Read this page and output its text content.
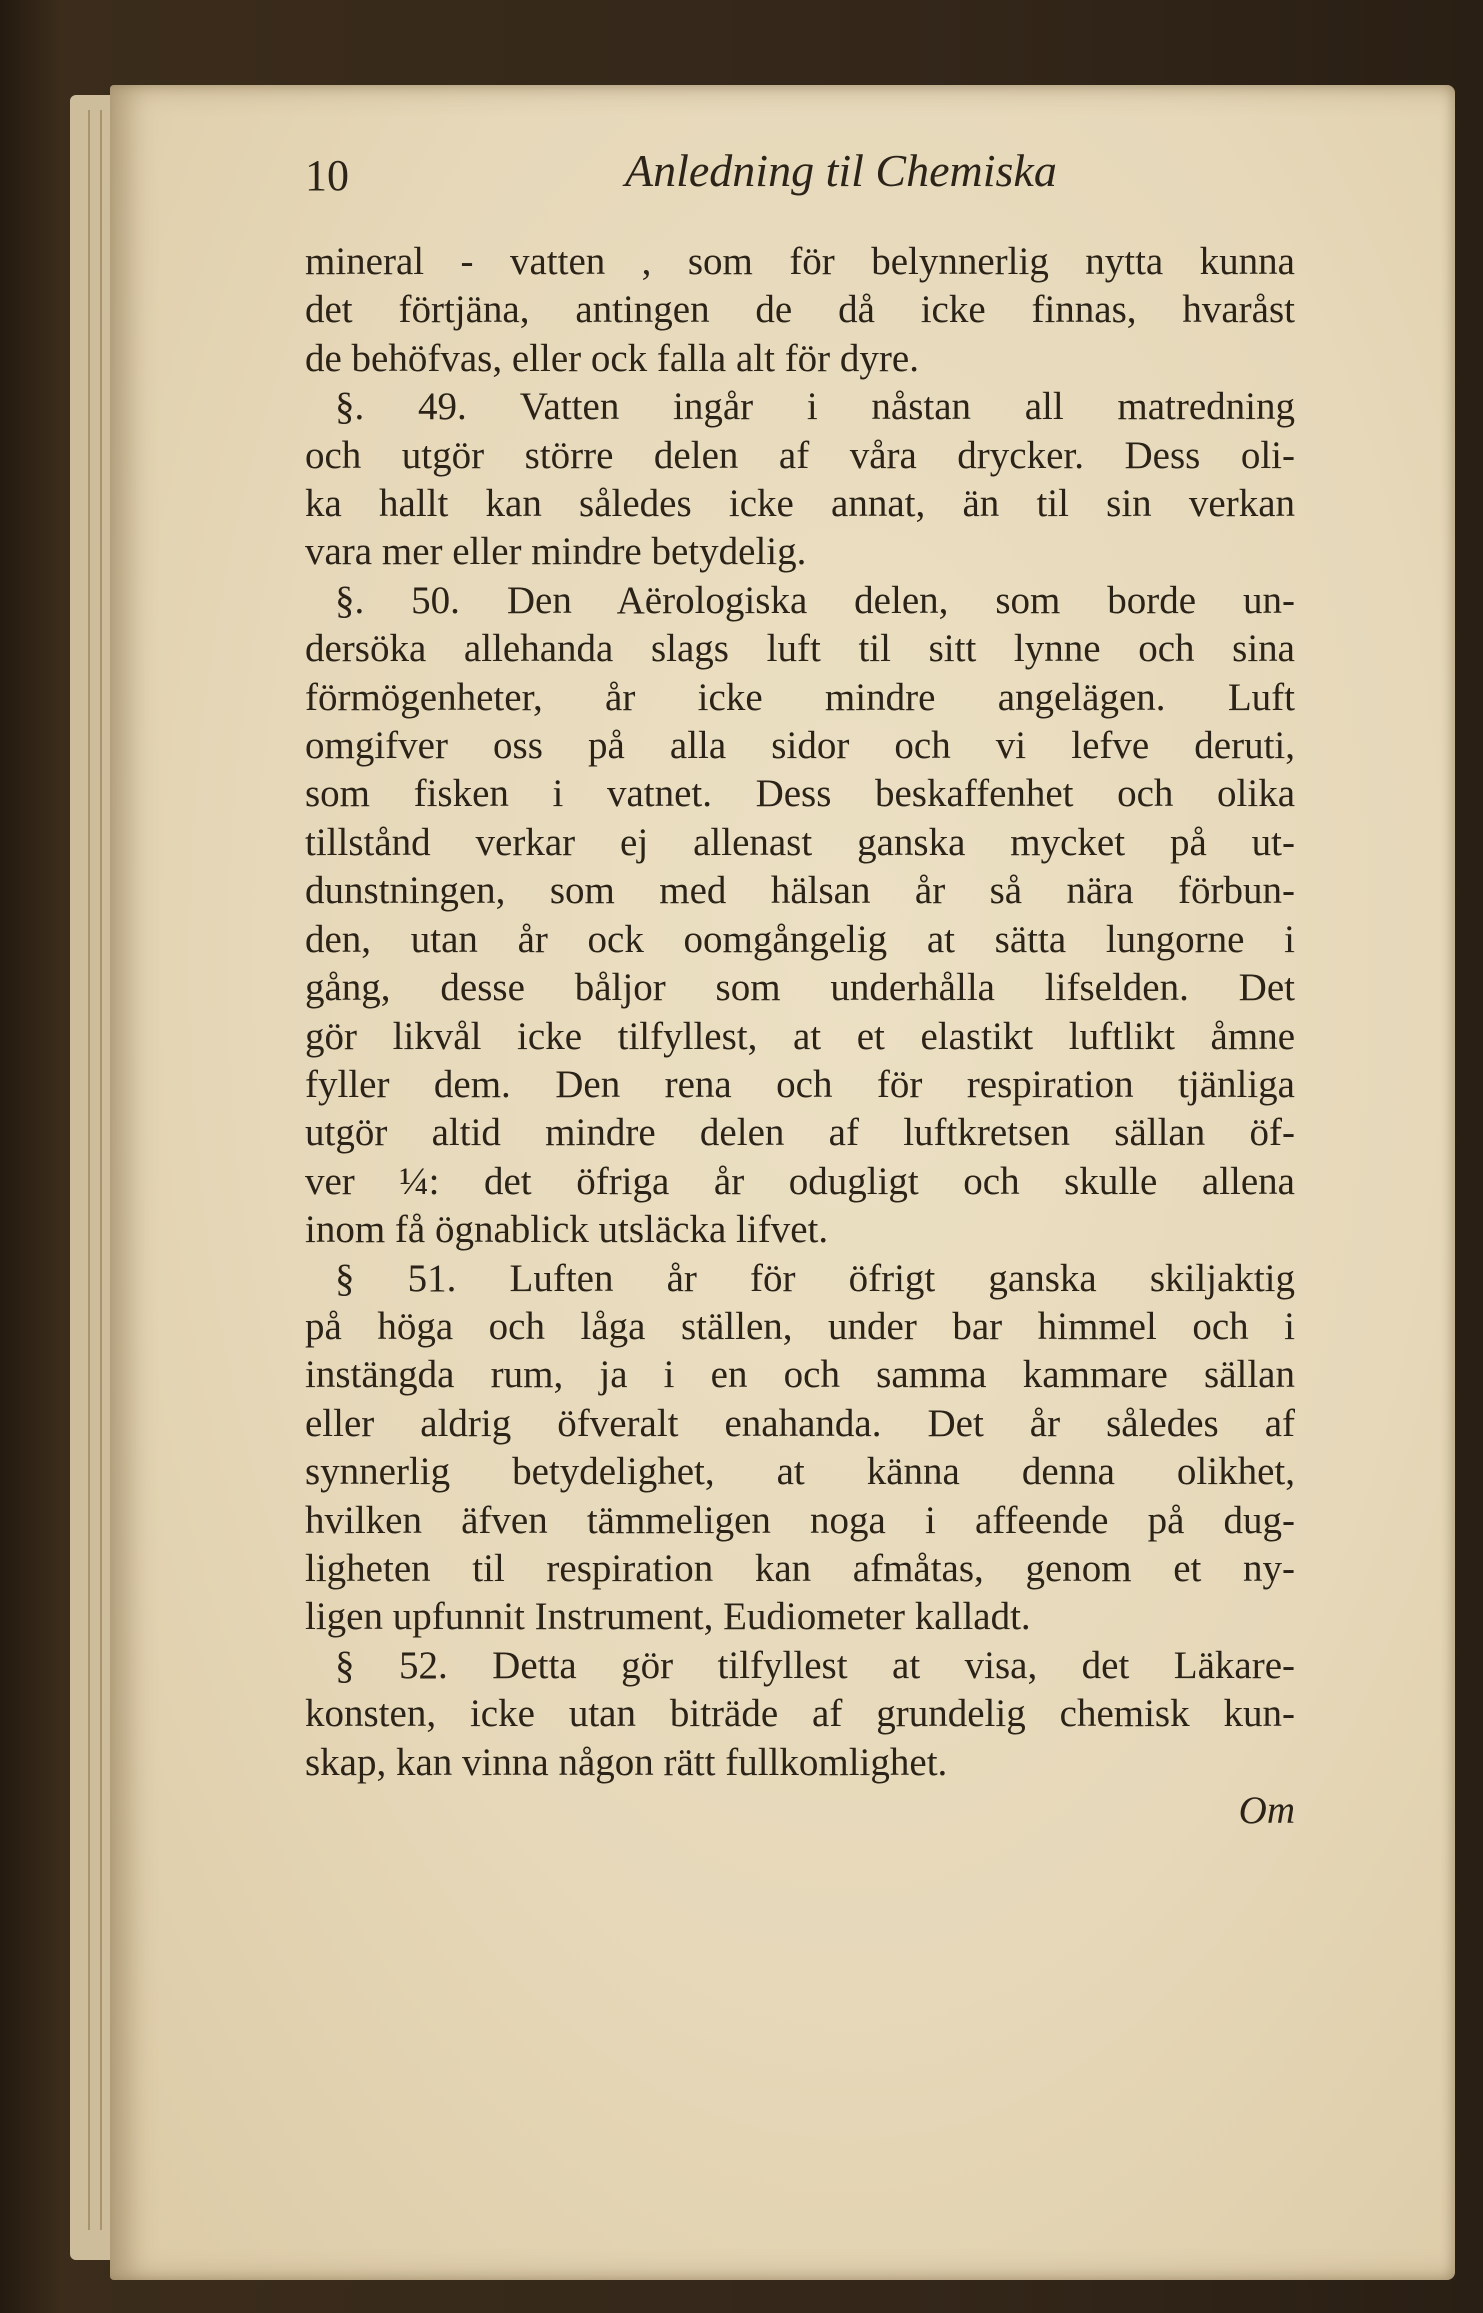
10	Anledning til Chemiska
mineral - vatten , som för belynnerlig nytta kunna
det förtjäna, antingen de då icke finnas, hvaråst
de behöfvas, eller ock falla alt för dyre.
§. 49. Vatten ingår i nåstan all matredning
och utgör större delen af våra drycker. Dess oli-
ka hallt kan således icke annat, än til sin verkan
vara mer eller mindre betydelig.
§. 50. Den Aërologiska delen, som borde un-
dersöka allehanda slags luft til sitt lynne och sina
förmögenheter, år icke mindre angelägen. Luft
omgifver oss på alla sidor och vi lefve deruti,
som fisken i vatnet. Dess beskaffenhet och olika
tillstånd verkar ej allenast ganska mycket på ut-
dunstningen, som med hälsan år så nära förbun-
den, utan år ock oomgångelig at sätta lungorne i
gång, desse båljor som underhålla lifselden. Det
gör likvål icke tilfyllest, at et elastikt luftlikt åmne
fyller dem. Den rena och för respiration tjänliga
utgör altid mindre delen af luftkretsen sällan öf-
ver ¼: det öfriga år odugligt och skulle allena
inom få ögnablick utsläcka lifvet.
§ 51. Luften år för öfrigt ganska skiljaktig
på höga och låga ställen, under bar himmel och i
instängda rum, ja i en och samma kammare sällan
eller aldrig öfveralt enahanda. Det år således af
synnerlig betydelighet, at känna denna olikhet,
hvilken äfven tämmeligen noga i affeende på dug-
ligheten til respiration kan afmåtas, genom et ny-
ligen upfunnit Instrument, Eudiometer kalladt.
§ 52. Detta gör tilfyllest at visa, det Läkare-
konsten, icke utan biträde af grundelig chemisk kun-
skap, kan vinna någon rätt fullkomlighet.
Om
